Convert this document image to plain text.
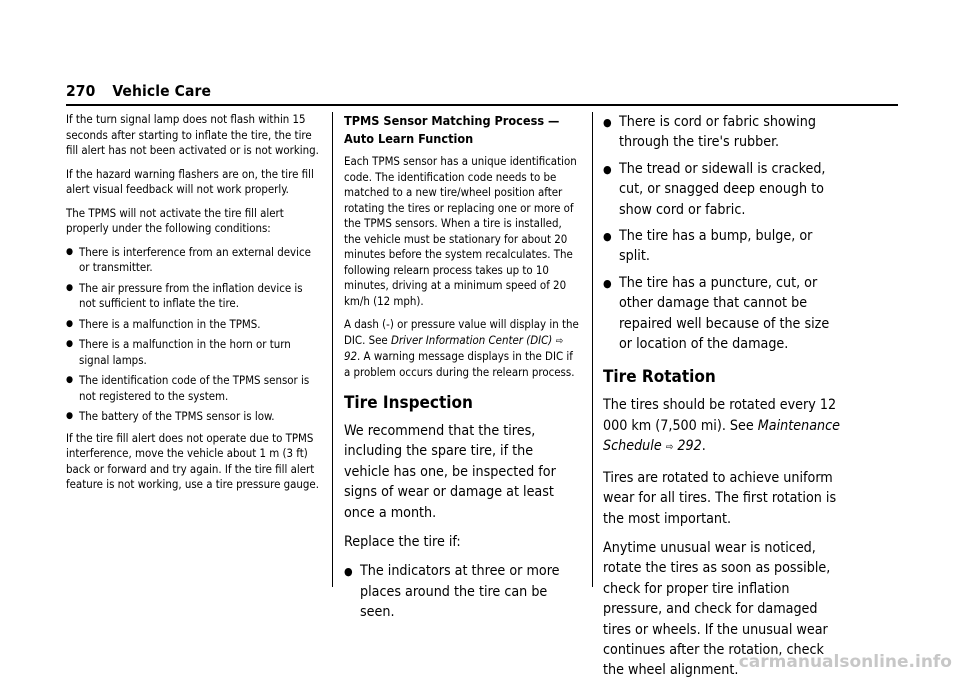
270 Vehicle Care

If the turn signal lamp does not flash within 15 seconds after starting to inflate the tire, the tire fill alert has not been activated or is not working.

If the hazard warning flashers are on, the tire fill alert visual feedback will not work properly.

The TPMS will not activate the tire fill alert properly under the following conditions:

● There is interference from an external device or transmitter.
● The air pressure from the inflation device is not sufficient to inflate the tire.
● There is a malfunction in the TPMS.
● There is a malfunction in the horn or turn signal lamps.
● The identification code of the TPMS sensor is not registered to the system.
● The battery of the TPMS sensor is low.

If the tire fill alert does not operate due to TPMS interference, move the vehicle about 1 m (3 ft) back or forward and try again. If the tire fill alert feature is not working, use a tire pressure gauge.

TPMS Sensor Matching Process — Auto Learn Function

Each TPMS sensor has a unique identification code. The identification code needs to be matched to a new tire/wheel position after rotating the tires or replacing one or more of the TPMS sensors. When a tire is installed, the vehicle must be stationary for about 20 minutes before the system recalculates. The following relearn process takes up to 10 minutes, driving at a minimum speed of 20 km/h (12 mph).

A dash (-) or pressure value will display in the DIC. See Driver Information Center (DIC) ⇨ 92. A warning message displays in the DIC if a problem occurs during the relearn process.

Tire Inspection

We recommend that the tires, including the spare tire, if the vehicle has one, be inspected for signs of wear or damage at least once a month.

Replace the tire if:

● The indicators at three or more places around the tire can be seen.
● There is cord or fabric showing through the tire's rubber.
● The tread or sidewall is cracked, cut, or snagged deep enough to show cord or fabric.
● The tire has a bump, bulge, or split.
● The tire has a puncture, cut, or other damage that cannot be repaired well because of the size or location of the damage.
Tire Rotation

The tires should be rotated every 12 000 km (7,500 mi). See Maintenance Schedule ⇨ 292.

Tires are rotated to achieve uniform wear for all tires. The first rotation is the most important.

Anytime unusual wear is noticed, rotate the tires as soon as possible, check for proper tire inflation pressure, and check for damaged tires or wheels. If the unusual wear continues after the rotation, check the wheel alignment. carmanualsonline.info
